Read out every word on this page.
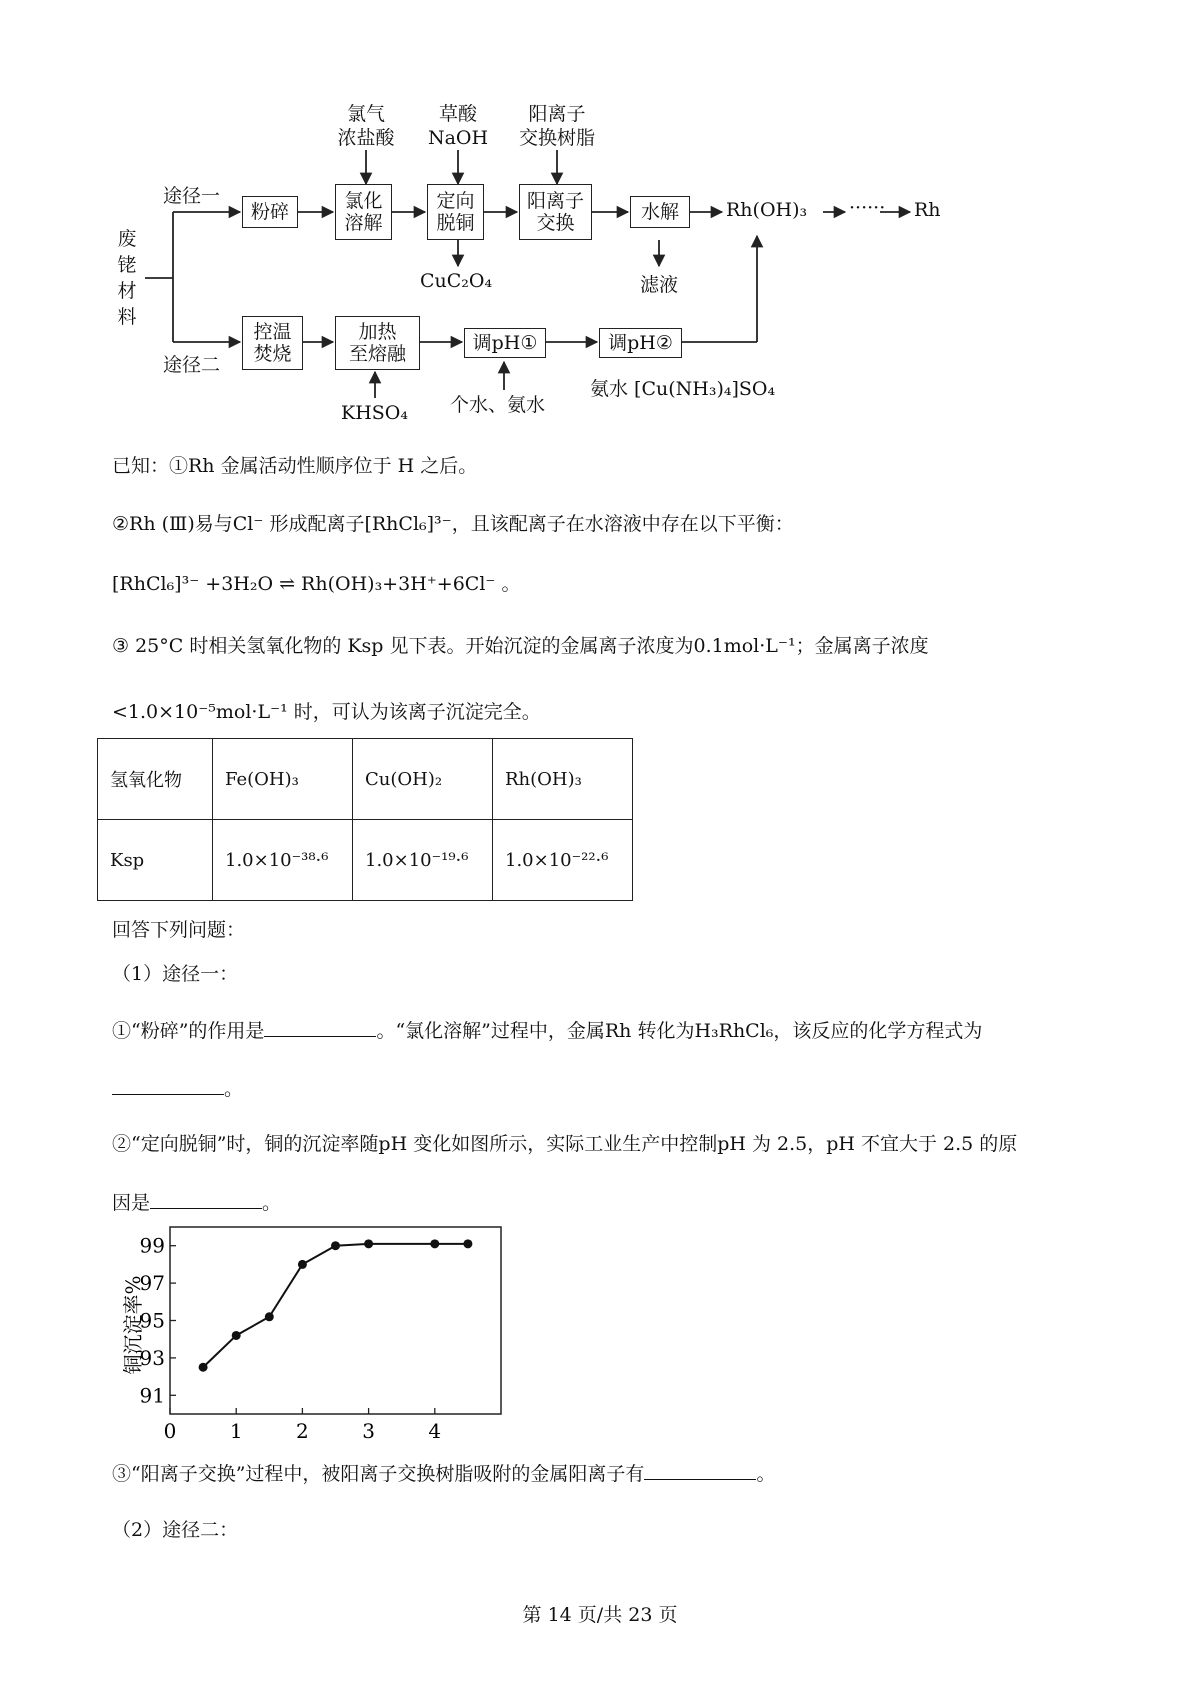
废铑材料
途径一
途径二
粉碎	氯化
溶解
定向
脱铜
阳离子
交换	水解
氯气
浓盐酸
草酸
NaOH
阳离子
交换树脂
CuC₂O₄	滤液
Rh(OH)₃ ······ Rh
控温
焚烧
加热
至熔融	调pH①	调pH②
KHSO₄ 个水、氨水
氨水 [Cu(NH₃)₄]SO₄
已知：①Rh 金属活动性顺序位于 H 之后。
②Rh (Ⅲ)易与Cl⁻ 形成配离子[RhCl₆]³⁻，且该配离子在水溶液中存在以下平衡：
[RhCl₆]³⁻ +3H₂O ⇌ Rh(OH)₃+3H⁺+6Cl⁻ 。
③ 25°C 时相关氢氧化物的 Ksp 见下表。开始沉淀的金属离子浓度为0.1mol·L⁻¹；金属离子浓度
<1.0×10⁻⁵mol·L⁻¹ 时，可认为该离子沉淀完全。
氢氧化物	Fe(OH)₃	Cu(OH)₂	Rh(OH)₃
Ksp	1.0×10⁻³⁸·⁶	1.0×10⁻¹⁹·⁶	1.0×10⁻²²·⁶
回答下列问题：
（1）途径一：
①“粉碎”的作用是	。“氯化溶解”过程中，金属Rh 转化为H₃RhCl₆，该反应的化学方程式为
。
②“定向脱铜”时，铜的沉淀率随pH 变化如图所示，实际工业生产中控制pH 为 2.5，pH 不宜大于 2.5 的原
因是	。
铜沉淀率%
91
93
95
97
99
0	1	2	3	4
③“阳离子交换”过程中，被阳离子交换树脂吸附的金属阳离子有	。
（2）途径二：
第 14 页/共 23 页
